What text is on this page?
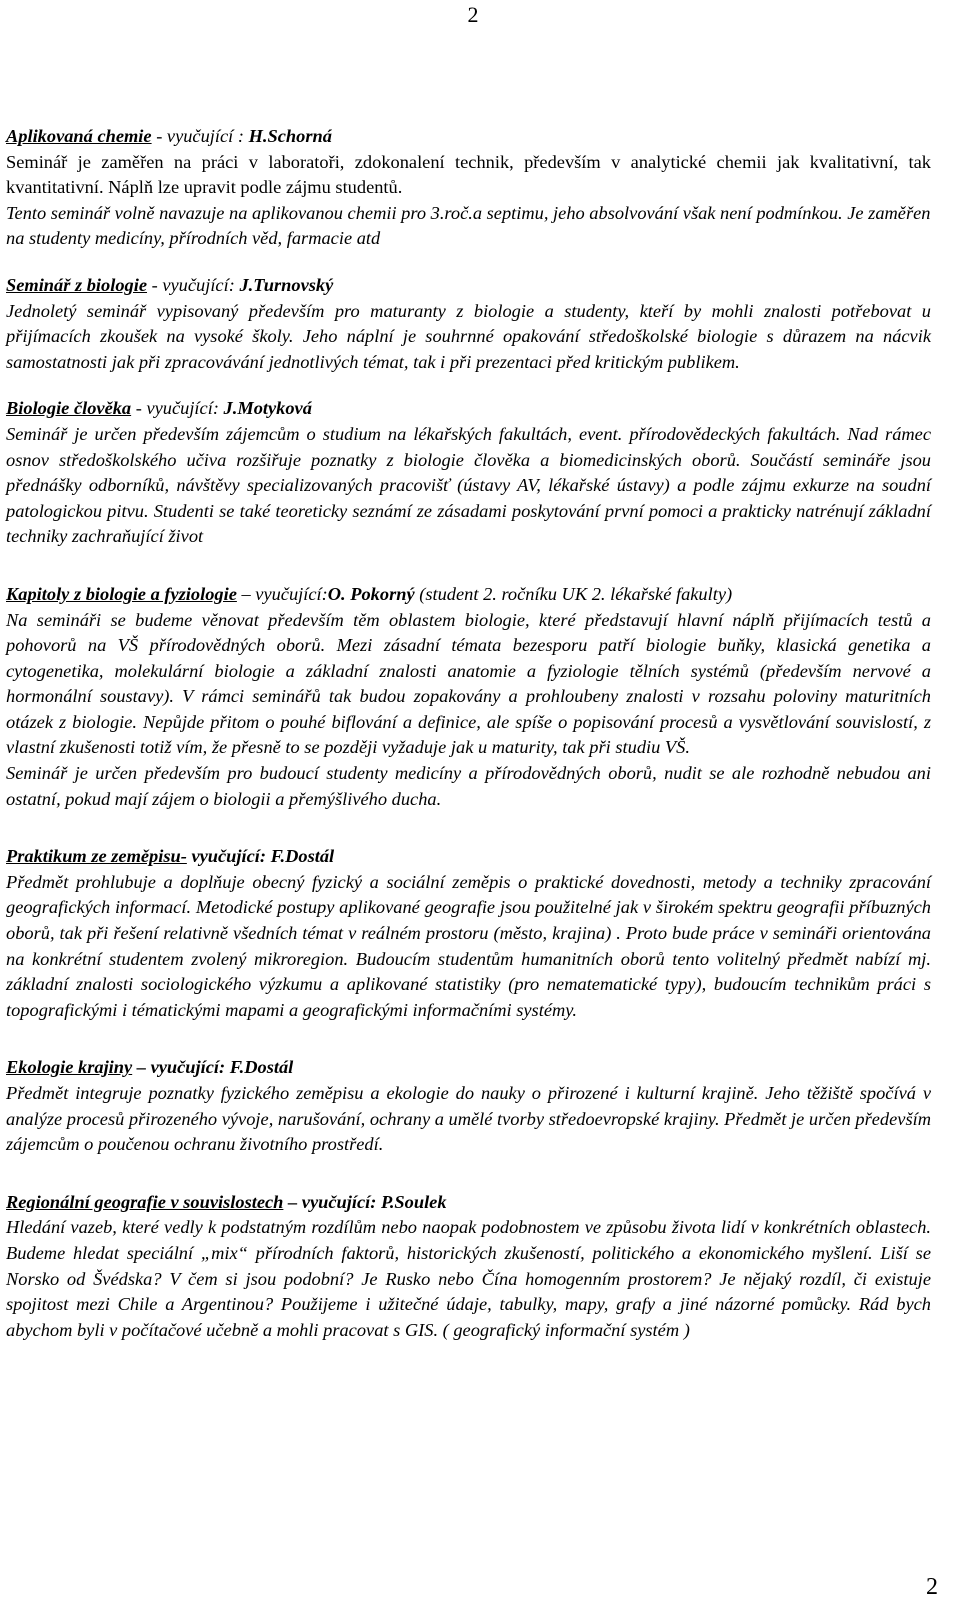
2
Aplikovaná chemie - vyučující : H.Schorná

Seminář je zaměřen na práci v laboratoři, zdokonalení technik, především v analytické chemii jak kvalitativní, tak kvantitativní. Náplň lze upravit podle zájmu studentů.

Tento seminář volně navazuje na aplikovanou chemii pro 3.roč.a septimu, jeho absolvování však není podmínkou. Je zaměřen na studenty medicíny, přírodních věd, farmacie atd

Seminář z biologie - vyučující: J.Turnovský

Jednoletý seminář vypisovaný především pro maturanty z biologie a studenty, kteří by mohli znalosti potřebovat u přijímacích zkoušek na vysoké školy. Jeho náplní je souhrnné opakování středoškolské biologie s důrazem na nácvik samostatnosti jak při zpracovávání jednotlivých témat, tak i při prezentaci před kritickým publikem.

Biologie člověka - vyučující: J.Motyková

Seminář je určen především zájemcům o studium na lékařských fakultách, event. přírodovědeckých fakultách. Nad rámec osnov středoškolského učiva rozšiřuje poznatky z biologie člověka a biomedicinských oborů. Součástí semináře jsou přednášky odborníků, návštěvy specializovaných pracovišť (ústavy AV, lékařské ústavy) a podle zájmu exkurze na soudní patologickou pitvu. Studenti se také teoreticky seznámí ze zásadami poskytování první pomoci a prakticky natrénují základní techniky zachraňující život

Kapitoly z biologie a fyziologie – vyučující:O. Pokorný (student 2. ročníku UK 2. lékařské fakulty)

Na semináři se budeme věnovat především těm oblastem biologie, které představují hlavní náplň přijímacích testů a pohovorů na VŠ přírodovědných oborů. Mezi zásadní témata bezesporu patří biologie buňky, klasická genetika a cytogenetika, molekulární biologie a základní znalosti anatomie a fyziologie tělních systémů (především nervové a hormonální soustavy). V rámci seminářů tak budou zopakovány a prohloubeny znalosti v rozsahu poloviny maturitních otázek z biologie. Nepůjde přitom o pouhé biflování a definice, ale spíše o popisování procesů a vysvětlování souvislostí, z vlastní zkušenosti totiž vím, že přesně to se později vyžaduje jak u maturity, tak při studiu VŠ.

Seminář je určen především pro budoucí studenty medicíny a přírodovědných oborů, nudit se ale rozhodně nebudou ani ostatní, pokud mají zájem o biologii a přemýšlivého ducha.

Praktikum ze zeměpisu- vyučující: F.Dostál

Předmět prohlubuje a doplňuje obecný fyzický a sociální zeměpis o praktické dovednosti, metody a techniky zpracování geografických informací. Metodické postupy aplikované geografie jsou použitelné jak v širokém spektru geografii příbuzných oborů, tak při řešení relativně všedních témat v reálném prostoru (město, krajina) . Proto bude práce v semináři orientována na konkrétní studentem zvolený mikroregion. Budoucím studentům humanitních oborů tento volitelný předmět nabízí mj. základní znalosti sociologického výzkumu a aplikované statistiky (pro nematematické typy), budoucím technikům práci s topografickými i tématickými mapami a geografickými informačními systémy.

Ekologie krajiny – vyučující: F.Dostál

Předmět integruje poznatky fyzického zeměpisu a ekologie do nauky o přirozené i kulturní krajině. Jeho těžiště spočívá v analýze procesů přirozeného vývoje, narušování, ochrany a umělé tvorby středoevropské krajiny. Předmět je určen především zájemcům o poučenou ochranu životního prostředí.

Regionální geografie v souvislostech – vyučující: P.Soulek

Hledání vazeb, které vedly k podstatným rozdílům nebo naopak podobnostem ve způsobu života lidí v konkrétních oblastech. Budeme hledat speciální „mix“ přírodních faktorů, historických zkušeností, politického a ekonomického myšlení. Liší se Norsko od Švédska? V čem si jsou podobní? Je Rusko nebo Čína homogenním prostorem? Je nějaký rozdíl, či existuje spojitost mezi Chile a Argentinou? Použijeme i užitečné údaje, tabulky, mapy, grafy a jiné názorné pomůcky. Rád bych abychom byli v počítačové učebně a mohli pracovat s GIS. ( geografický informační systém )

2
